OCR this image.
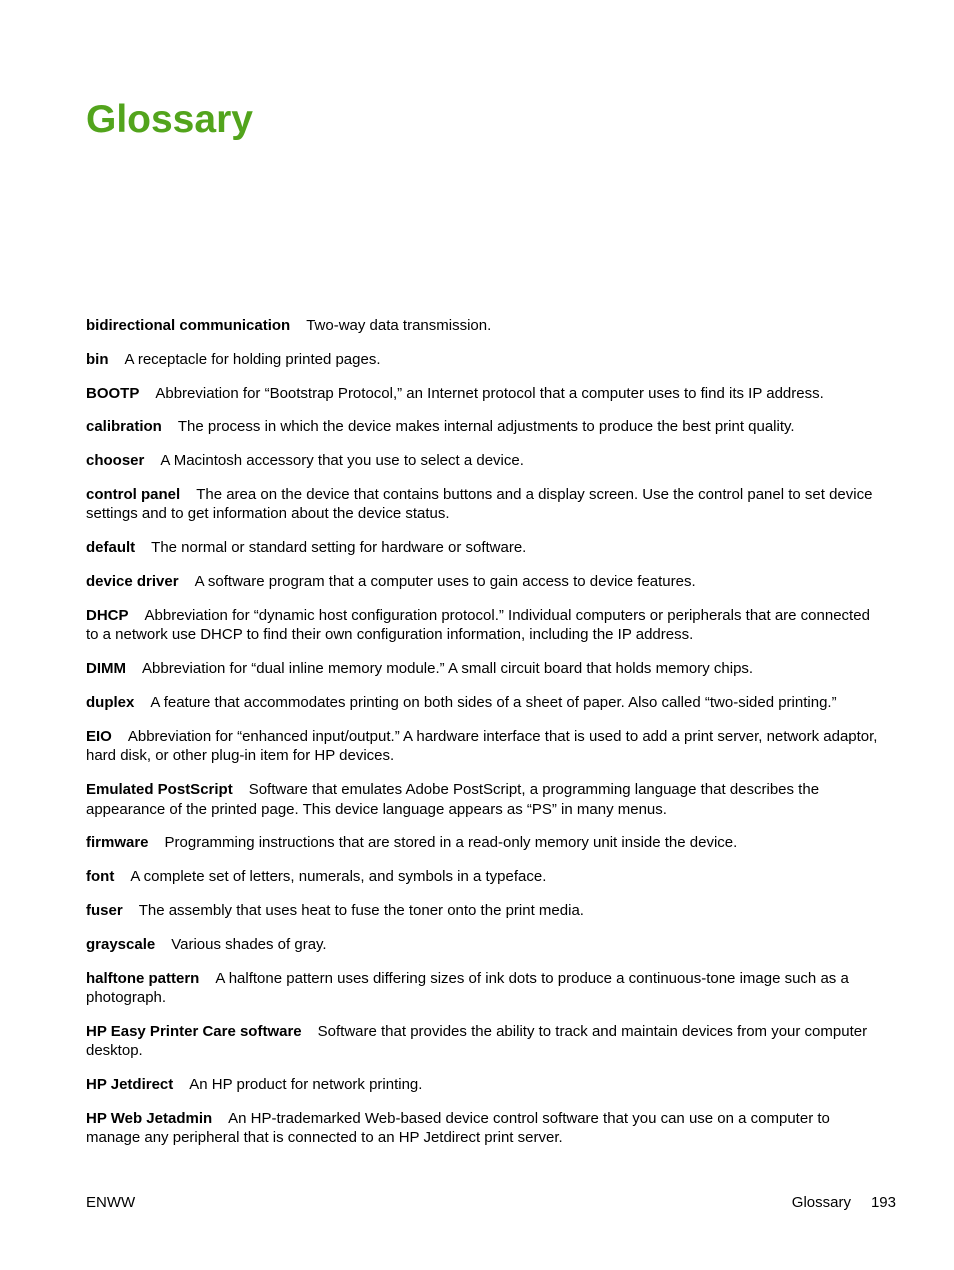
Glossary

bidirectional communication Two-way data transmission.

bin A receptacle for holding printed pages.

BOOTP Abbreviation for “Bootstrap Protocol,” an Internet protocol that a computer uses to find its IP address.

calibration The process in which the device makes internal adjustments to produce the best print quality.

chooser A Macintosh accessory that you use to select a device.

control panel The area on the device that contains buttons and a display screen. Use the control panel to set device settings and to get information about the device status.

default The normal or standard setting for hardware or software.

device driver A software program that a computer uses to gain access to device features.

DHCP Abbreviation for “dynamic host configuration protocol.” Individual computers or peripherals that are connected to a network use DHCP to find their own configuration information, including the IP address.

DIMM Abbreviation for “dual inline memory module.” A small circuit board that holds memory chips.

duplex A feature that accommodates printing on both sides of a sheet of paper. Also called “two-sided printing.”

EIO Abbreviation for “enhanced input/output.” A hardware interface that is used to add a print server, network adaptor, hard disk, or other plug-in item for HP devices.

Emulated PostScript Software that emulates Adobe PostScript, a programming language that describes the appearance of the printed page. This device language appears as “PS” in many menus.

firmware Programming instructions that are stored in a read-only memory unit inside the device.

font A complete set of letters, numerals, and symbols in a typeface.

fuser The assembly that uses heat to fuse the toner onto the print media.

grayscale Various shades of gray.

halftone pattern A halftone pattern uses differing sizes of ink dots to produce a continuous-tone image such as a photograph.

HP Easy Printer Care software Software that provides the ability to track and maintain devices from your computer desktop.

HP Jetdirect An HP product for network printing.

HP Web Jetadmin An HP-trademarked Web-based device control software that you can use on a computer to manage any peripheral that is connected to an HP Jetdirect print server.

ENWW	Glossary 193
